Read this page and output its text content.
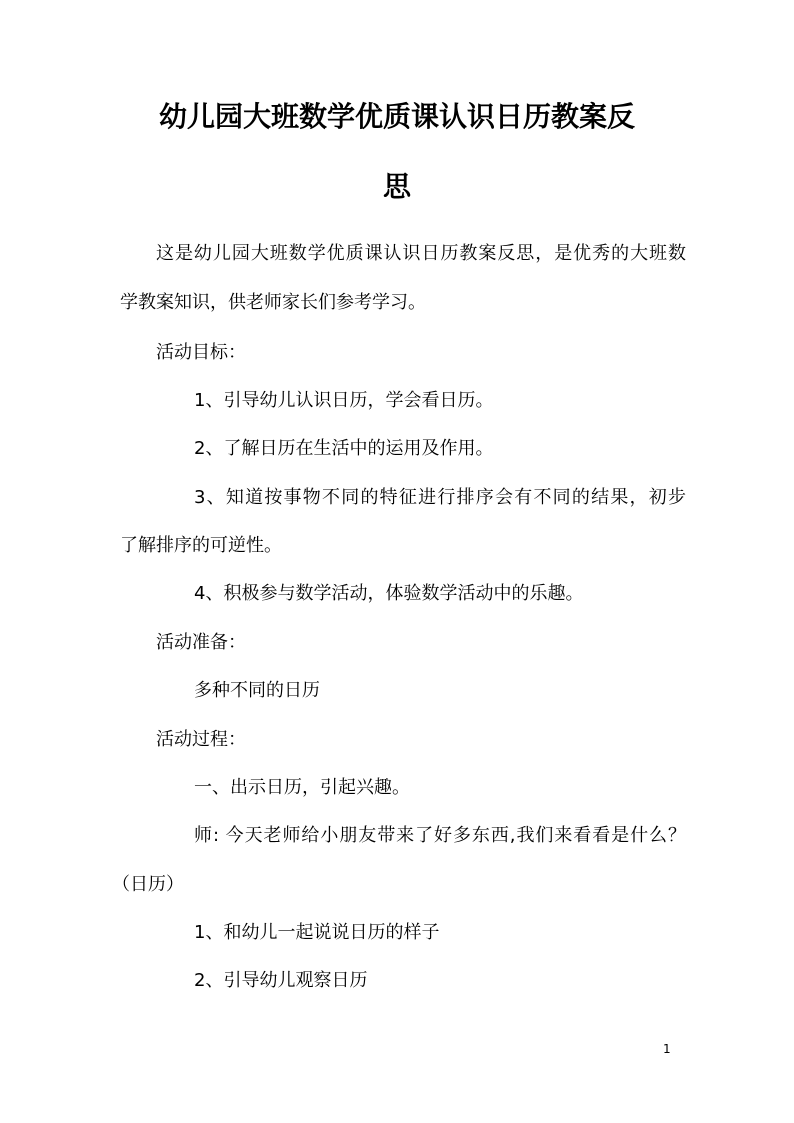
幼儿园大班数学优质课认识日历教案反
思
这是幼儿园大班数学优质课认识日历教案反思，是优秀的大班数
学教案知识，供老师家长们参考学习。
活动目标：
1、引导幼儿认识日历，学会看日历。
2、了解日历在生活中的运用及作用。
3、知道按事物不同的特征进行排序会有不同的结果，初步
了解排序的可逆性。
4、积极参与数学活动，体验数学活动中的乐趣。
活动准备：
多种不同的日历
活动过程：
一、出示日历，引起兴趣。
师: 今天老师给小朋友带来了好多东西,我们来看看是什么？
（日历）
1、和幼儿一起说说日历的样子
2、引导幼儿观察日历
1
